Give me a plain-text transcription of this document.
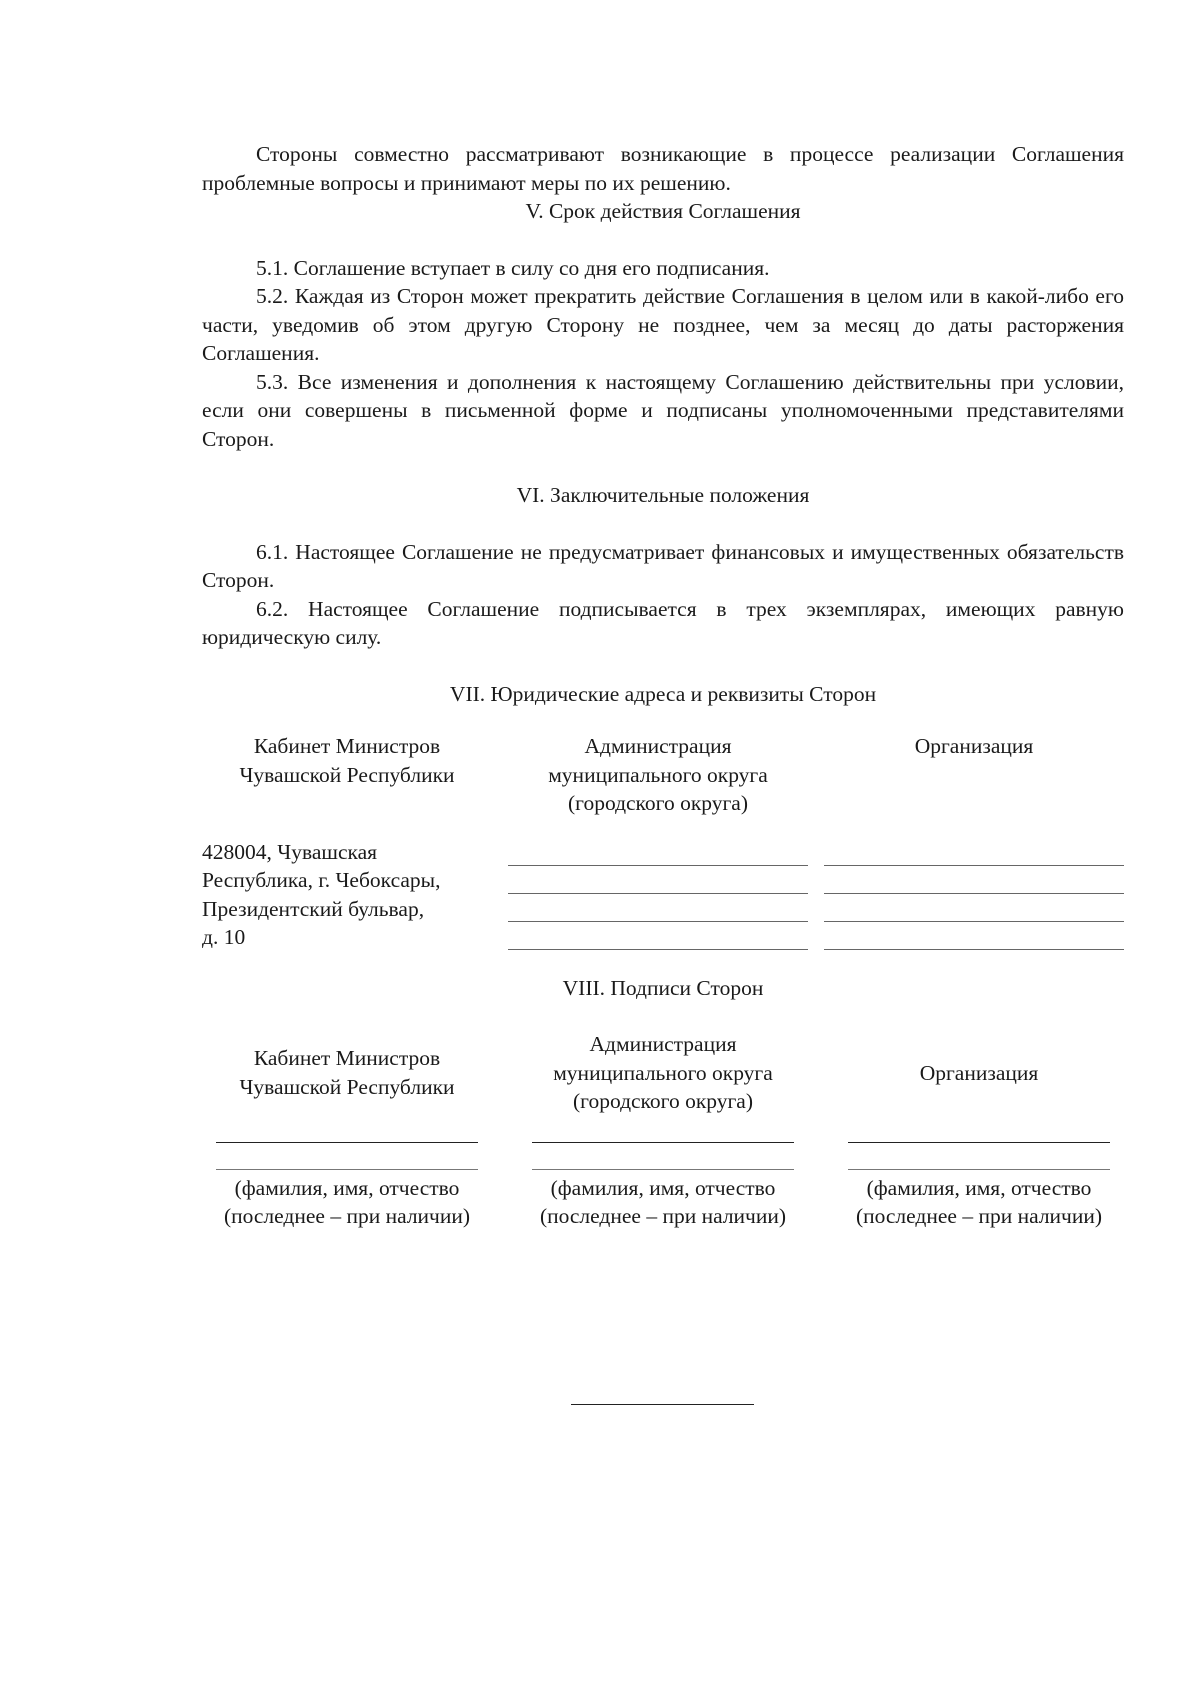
Стороны совместно рассматривают возникающие в процессе реализации Соглашения проблемные вопросы и принимают меры по их решению.

V. Срок действия Соглашения

5.1. Соглашение вступает в силу со дня его подписания.

5.2. Каждая из Сторон может прекратить действие Соглашения в целом или в какой-либо его части, уведомив об этом другую Сторону не позднее, чем за месяц до даты расторжения Соглашения.

5.3. Все изменения и дополнения к настоящему Соглашению действительны при условии, если они совершены в письменной форме и подписаны уполномоченными представителями Сторон.

VI. Заключительные положения

6.1. Настоящее Соглашение не предусматривает финансовых и имущественных обязательств Сторон.

6.2. Настоящее Соглашение подписывается в трех экземплярах, имеющих равную юридическую силу.

VII. Юридические адреса и реквизиты Сторон

Кабинет Министров
Чувашской Республики
Администрация
муниципального округа
(городского округа)
Организация
428004, Чувашская
Республика, г. Чебоксары,
Президентский бульвар,
д. 10

VIII. Подписи Сторон

Кабинет Министров
Чувашской Республики
Администрация
муниципального округа
(городского округа)
Организация
(фамилия, имя, отчество
(последнее – при наличии)
(фамилия, имя, отчество
(последнее – при наличии)
(фамилия, имя, отчество
(последнее – при наличии)
